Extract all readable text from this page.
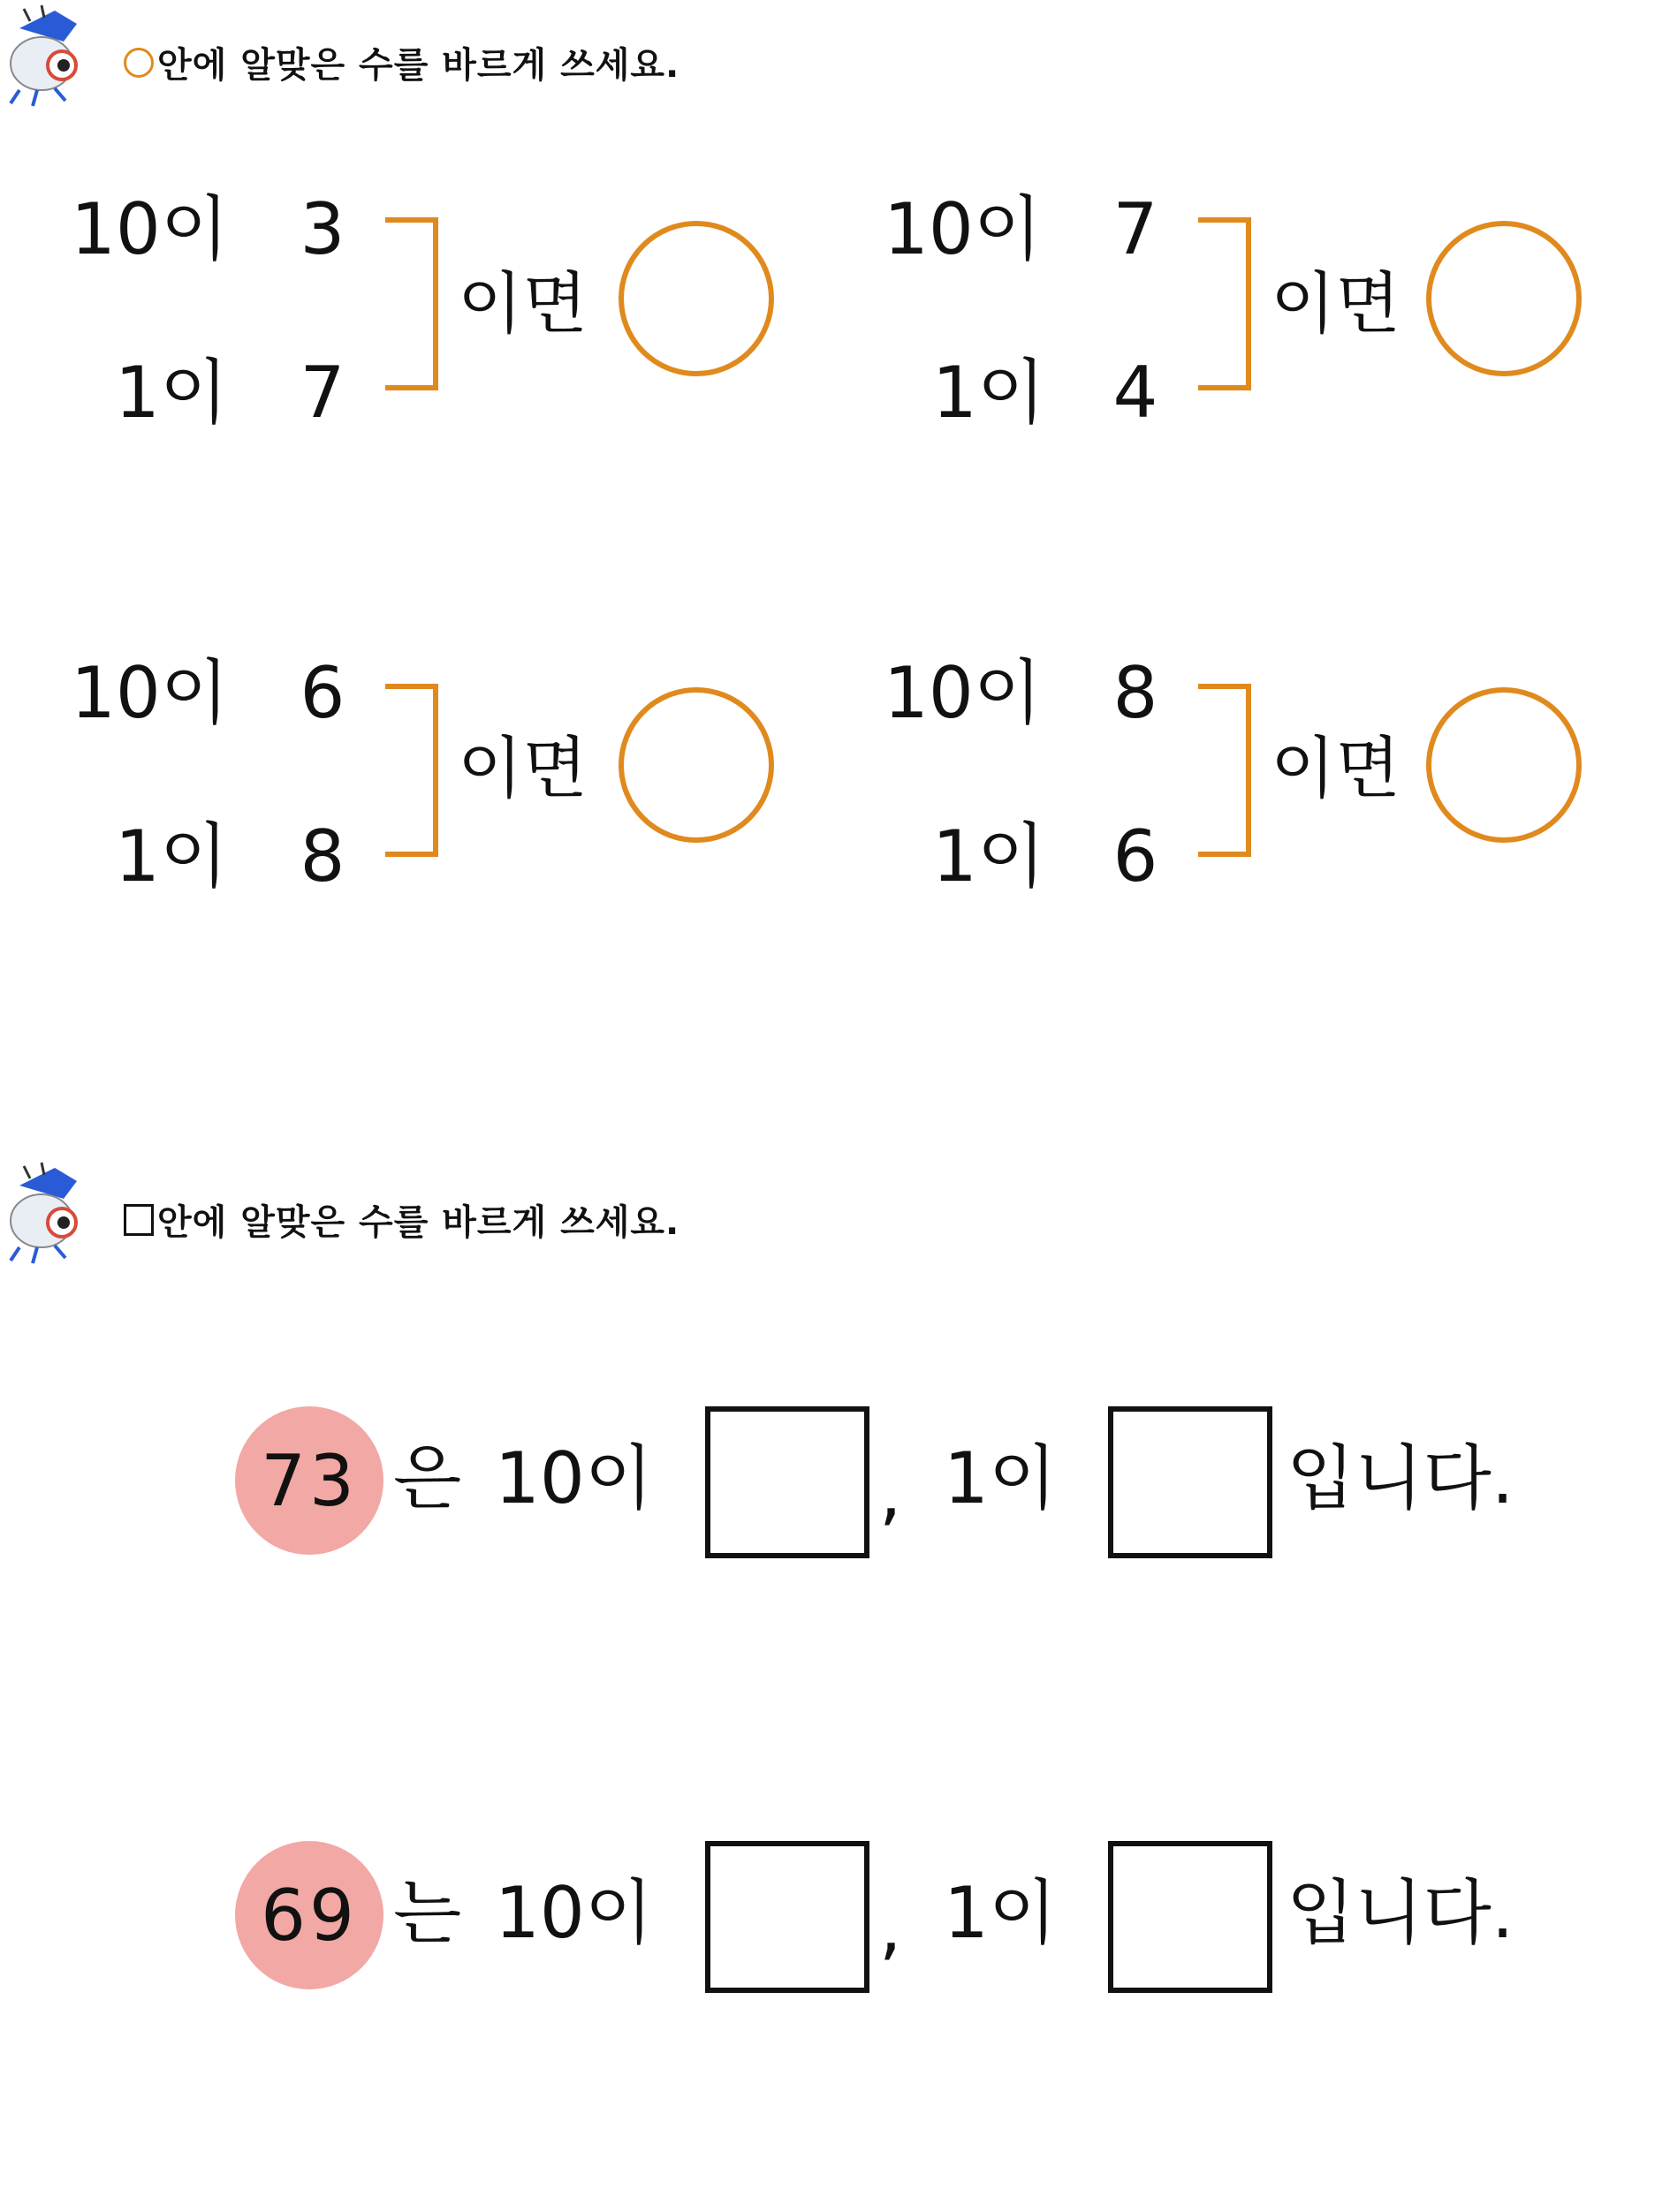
안에 알맞은 수를 바르게 쓰세요.
10이 3
1이 7
이면
10이 7
1이 4
이면
10이 6
1이 8
이면
10이 8
1이 6
이면
안에 알맞은 수를 바르게 쓰세요.
73 은 10이	, 1이	입니다.
69 는 10이	, 1이	입니다.
